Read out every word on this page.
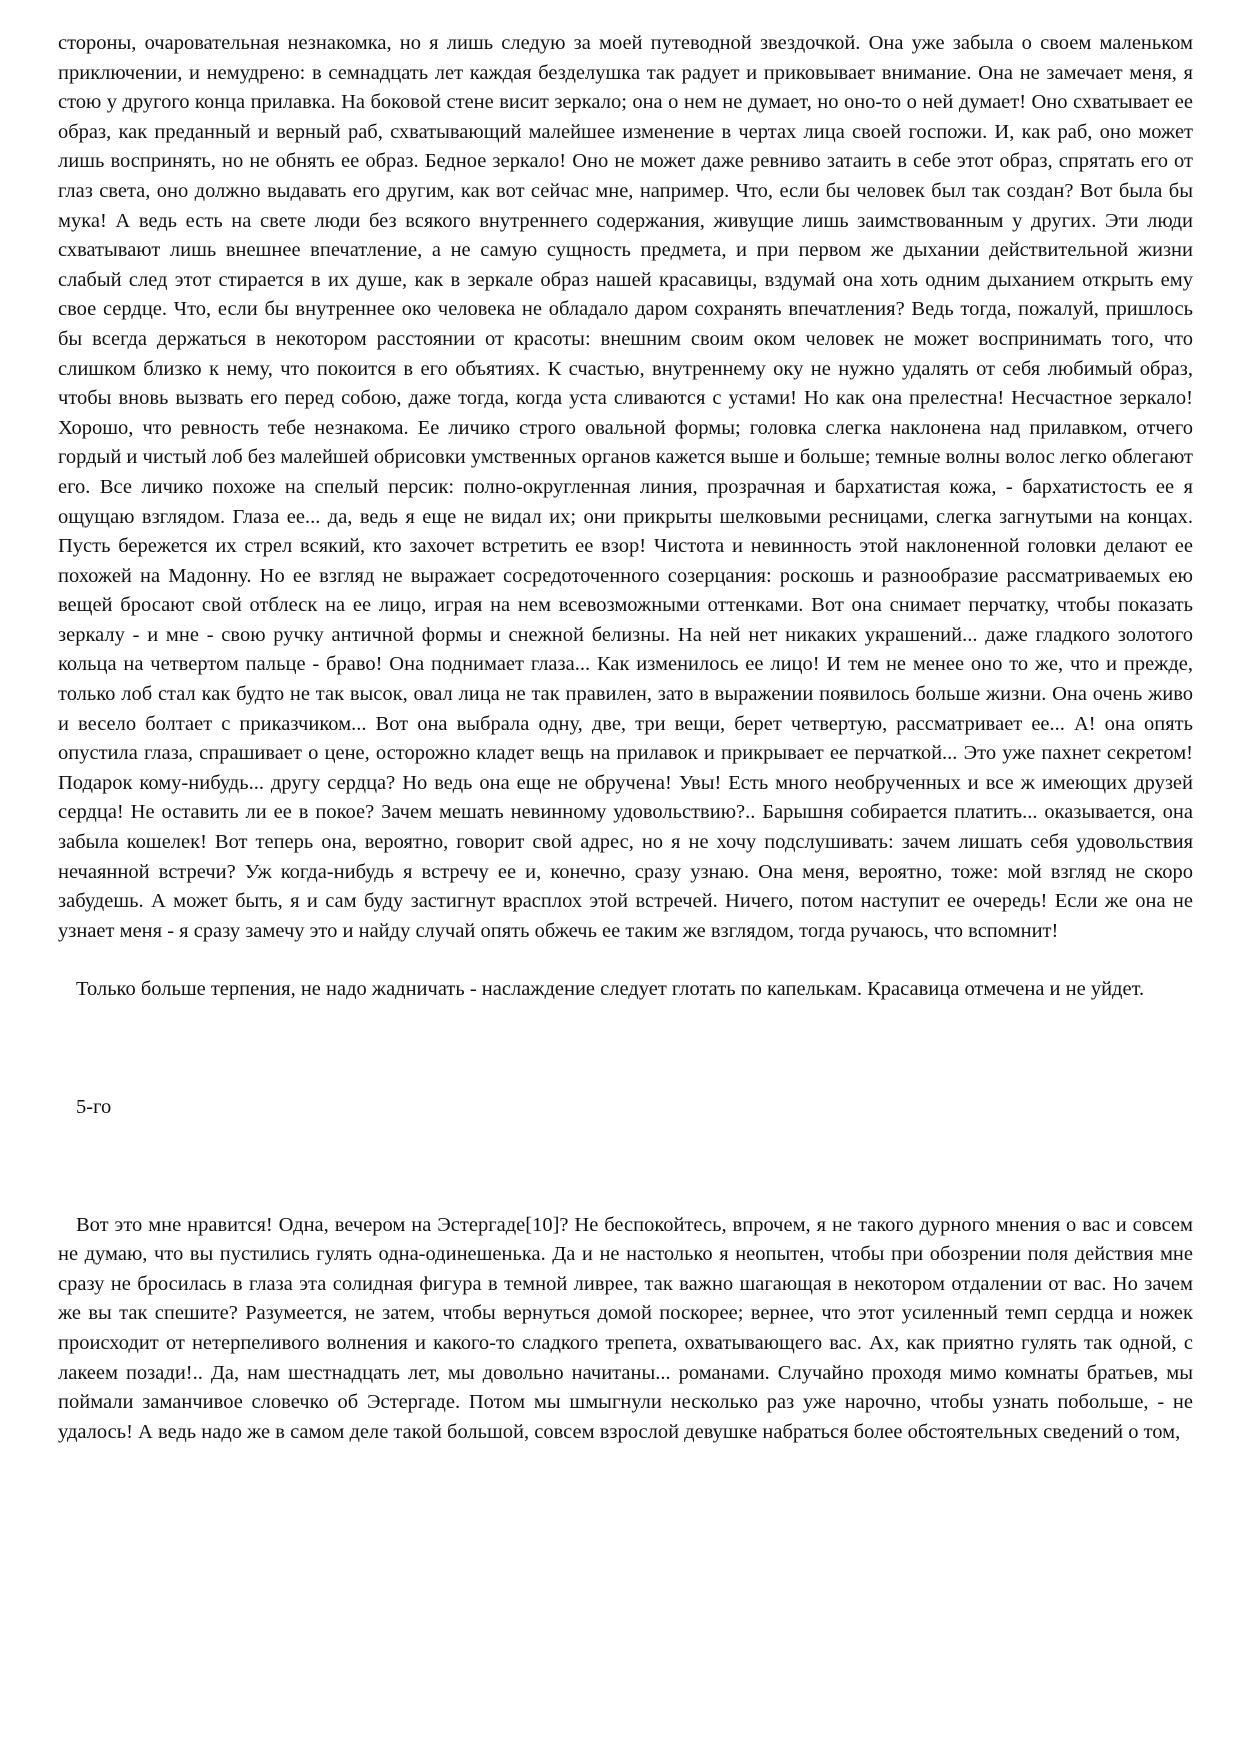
стороны, очаровательная незнакомка, но я лишь следую за моей путеводной звездочкой. Она уже забыла о своем маленьком приключении, и немудрено: в семнадцать лет каждая безделушка так радует и приковывает внимание. Она не замечает меня, я стою у другого конца прилавка. На боковой стене висит зеркало; она о нем не думает, но оно-то о ней думает! Оно схватывает ее образ, как преданный и верный раб, схватывающий малейшее изменение в чертах лица своей госпожи. И, как раб, оно может лишь воспринять, но не обнять ее образ. Бедное зеркало! Оно не может даже ревниво затаить в себе этот образ, спрятать его от глаз света, оно должно выдавать его другим, как вот сейчас мне, например. Что, если бы человек был так создан? Вот была бы мука! А ведь есть на свете люди без всякого внутреннего содержания, живущие лишь заимствованным у других. Эти люди схватывают лишь внешнее впечатление, а не самую сущность предмета, и при первом же дыхании действительной жизни слабый след этот стирается в их душе, как в зеркале образ нашей красавицы, вздумай она хоть одним дыханием открыть ему свое сердце. Что, если бы внутреннее око человека не обладало даром сохранять впечатления? Ведь тогда, пожалуй, пришлось бы всегда держаться в некотором расстоянии от красоты: внешним своим оком человек не может воспринимать того, что слишком близко к нему, что покоится в его объятиях. К счастью, внутреннему оку не нужно удалять от себя любимый образ, чтобы вновь вызвать его перед собою, даже тогда, когда уста сливаются с устами! Но как она прелестна! Несчастное зеркало! Хорошо, что ревность тебе незнакома. Ее личико строго овальной формы; головка слегка наклонена над прилавком, отчего гордый и чистый лоб без малейшей обрисовки умственных органов кажется выше и больше; темные волны волос легко облегают его. Все личико похоже на спелый персик: полно-округленная линия, прозрачная и бархатистая кожа, - бархатистость ее я ощущаю взглядом. Глаза ее... да, ведь я еще не видал их; они прикрыты шелковыми ресницами, слегка загнутыми на концах. Пусть бережется их стрел всякий, кто захочет встретить ее взор! Чистота и невинность этой наклоненной головки делают ее похожей на Мадонну. Но ее взгляд не выражает сосредоточенного созерцания: роскошь и разнообразие рассматриваемых ею вещей бросают свой отблеск на ее лицо, играя на нем всевозможными оттенками. Вот она снимает перчатку, чтобы показать зеркалу - и мне - свою ручку античной формы и снежной белизны. На ней нет никаких украшений... даже гладкого золотого кольца на четвертом пальце - браво! Она поднимает глаза... Как изменилось ее лицо! И тем не менее оно то же, что и прежде, только лоб стал как будто не так высок, овал лица не так правилен, зато в выражении появилось больше жизни. Она очень живо и весело болтает с приказчиком... Вот она выбрала одну, две, три вещи, берет четвертую, рассматривает ее... А! она опять опустила глаза, спрашивает о цене, осторожно кладет вещь на прилавок и прикрывает ее перчаткой... Это уже пахнет секретом! Подарок кому-нибудь... другу сердца? Но ведь она еще не обручена! Увы! Есть много необрученных и все ж имеющих друзей сердца! Не оставить ли ее в покое? Зачем мешать невинному удовольствию?.. Барышня собирается платить... оказывается, она забыла кошелек! Вот теперь она, вероятно, говорит свой адрес, но я не хочу подслушивать: зачем лишать себя удовольствия нечаянной встречи? Уж когда-нибудь я встречу ее и, конечно, сразу узнаю. Она меня, вероятно, тоже: мой взгляд не скоро забудешь. А может быть, я и сам буду застигнут врасплох этой встречей. Ничего, потом наступит ее очередь! Если же она не узнает меня - я сразу замечу это и найду случай опять обжечь ее таким же взглядом, тогда ручаюсь, что вспомнит!

Только больше терпения, не надо жадничать - наслаждение следует глотать по капелькам. Красавица отмечена и не уйдет.

5-го

Вот это мне нравится! Одна, вечером на Эстергаде[10]? Не беспокойтесь, впрочем, я не такого дурного мнения о вас и совсем не думаю, что вы пустились гулять одна-одинешенька. Да и не настолько я неопытен, чтобы при обозрении поля действия мне сразу не бросилась в глаза эта солидная фигура в темной ливрее, так важно шагающая в некотором отдалении от вас. Но зачем же вы так спешите? Разумеется, не затем, чтобы вернуться домой поскорее; вернее, что этот усиленный темп сердца и ножек происходит от нетерпеливого волнения и какого-то сладкого трепета, охватывающего вас. Ах, как приятно гулять так одной, с лакеем позади!.. Да, нам шестнадцать лет, мы довольно начитаны... романами. Случайно проходя мимо комнаты братьев, мы поймали заманчивое словечко об Эстергаде. Потом мы шмыгнули несколько раз уже нарочно, чтобы узнать побольше, - не удалось! А ведь надо же в самом деле такой большой, совсем взрослой девушке набраться более обстоятельных сведений о том,
